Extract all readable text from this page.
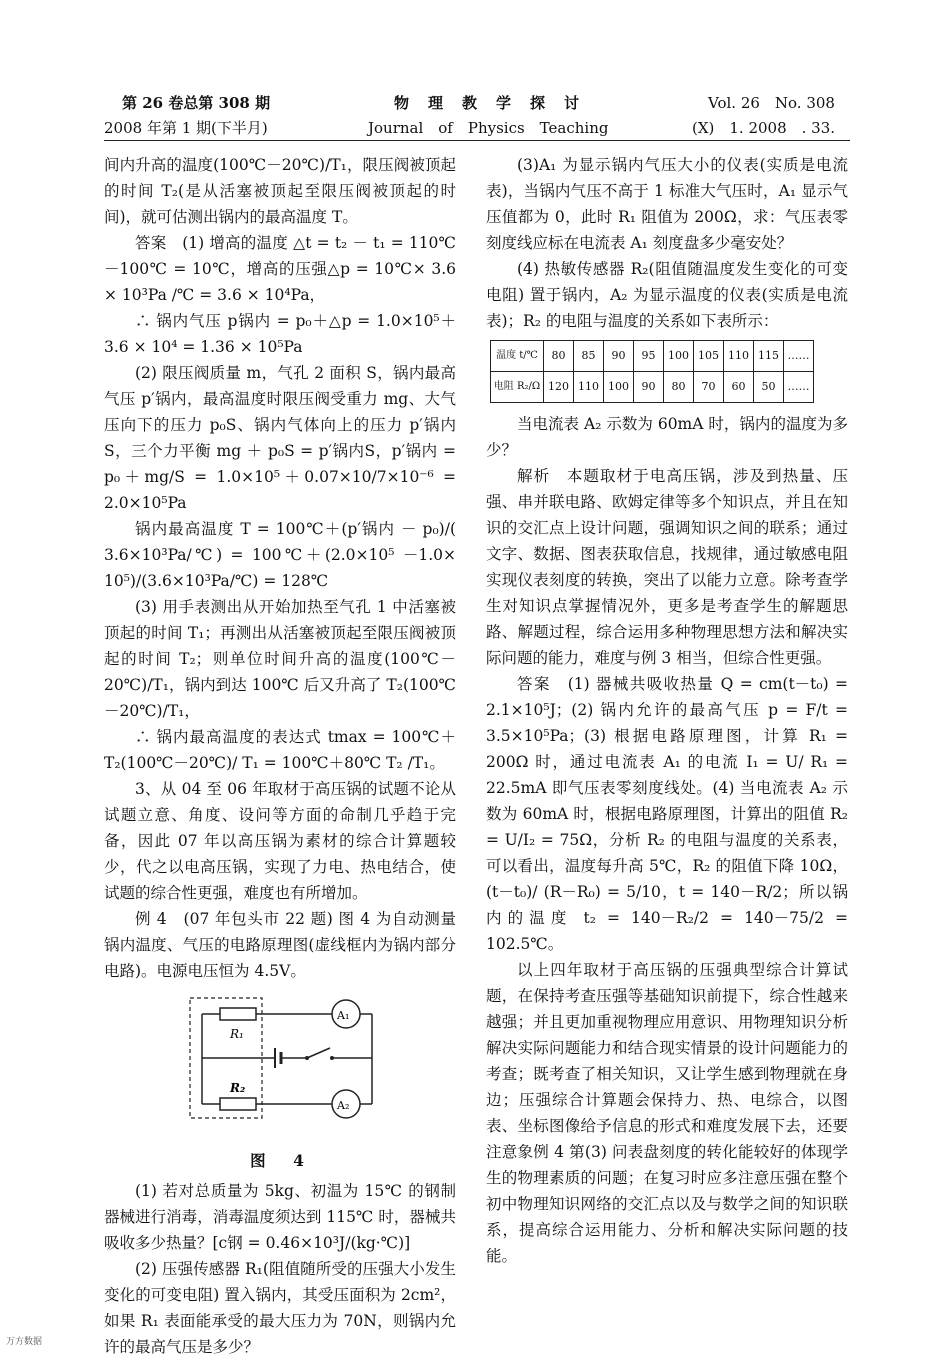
第 26 卷总第 308 期	物　理　教　学　探　讨	Vol. 26　No. 308
2008 年第 1 期(下半月)	Journal　of　Physics　Teaching	(X)　1. 2008　. 33.

间内升高的温度(100℃－20℃)/T₁，限压阀被顶起的时间 T₂(是从活塞被顶起至限压阀被顶起的时间)，就可估测出锅内的最高温度 T。

答案　(1) 增高的温度 △t = t₂ － t₁ = 110℃－100℃ = 10℃，增高的压强△p = 10℃× 3.6 × 10³Pa /℃ = 3.6 × 10⁴Pa，

∴ 锅内气压 p锅内 = p₀＋△p = 1.0×10⁵＋ 3.6 × 10⁴ = 1.36 × 10⁵Pa

(2) 限压阀质量 m，气孔 2 面积 S，锅内最高气压 p′锅内，最高温度时限压阀受重力 mg、大气压向下的压力 p₀S、锅内气体向上的压力 p′锅内S，三个力平衡 mg ＋ p₀S = p′锅内S，p′锅内 = p₀＋mg/S = 1.0×10⁵＋0.07×10/7×10⁻⁶ = 2.0×10⁵Pa

锅内最高温度 T = 100℃＋(p′锅内 － p₀)/( 3.6×10³Pa/℃) = 100℃＋(2.0×10⁵ －1.0× 10⁵)/(3.6×10³Pa/℃) = 128℃

(3) 用手表测出从开始加热至气孔 1 中活塞被顶起的时间 T₁；再测出从活塞被顶起至限压阀被顶起的时间 T₂；则单位时间升高的温度(100℃－20℃)/T₁，锅内到达 100℃ 后又升高了 T₂(100℃－20℃)/T₁，

∴ 锅内最高温度的表达式 tmax = 100℃＋ T₂(100℃－20℃)/ T₁ = 100℃＋80℃ T₂ /T₁。

3、从 04 至 06 年取材于高压锅的试题不论从试题立意、角度、设问等方面的命制几乎趋于完备，因此 07 年以高压锅为素材的综合计算题较少，代之以电高压锅，实现了力电、热电结合，使试题的综合性更强，难度也有所增加。

例 4　(07 年包头市 22 题) 图 4 为自动测量锅内温度、气压的电路原理图(虚线框内为锅内部分电路)。电源电压恒为 4.5V。

R₁
R₂
A₁
A₂
图　4

(1) 若对总质量为 5kg、初温为 15℃ 的钢制器械进行消毒，消毒温度须达到 115℃ 时，器械共吸收多少热量？[c钢 = 0.46×10³J/(kg·℃)]

(2) 压强传感器 R₁(阻值随所受的压强大小发生变化的可变电阻) 置入锅内，其受压面积为 2cm²，如果 R₁ 表面能承受的最大压力为 70N，则锅内允许的最高气压是多少？

(3)A₁ 为显示锅内气压大小的仪表(实质是电流表)，当锅内气压不高于 1 标准大气压时，A₁ 显示气压值都为 0，此时 R₁ 阻值为 200Ω，求：气压表零刻度线应标在电流表 A₁ 刻度盘多少毫安处？

(4) 热敏传感器 R₂(阻值随温度发生变化的可变电阻) 置于锅内，A₂ 为显示温度的仪表(实质是电流表)；R₂ 的电阻与温度的关系如下表所示：

温度 t/℃	80	85	90	95	100	105	110	115	……
电阻 R₂/Ω	120	110	100	90	80	70	60	50	……

当电流表 A₂ 示数为 60mA 时，锅内的温度为多少？

解析　本题取材于电高压锅，涉及到热量、压强、串并联电路、欧姆定律等多个知识点，并且在知识的交汇点上设计问题，强调知识之间的联系；通过文字、数据、图表获取信息，找规律，通过敏感电阻实现仪表刻度的转换，突出了以能力立意。除考查学生对知识点掌握情况外，更多是考查学生的解题思路、解题过程，综合运用多种物理思想方法和解决实际问题的能力，难度与例 3 相当，但综合性更强。

答案　(1) 器械共吸收热量 Q = cm(t－t₀) = 2.1×10⁵J；(2) 锅内允许的最高气压 p = F/t = 3.5×10⁵Pa；(3) 根据电路原理图，计算 R₁ = 200Ω 时，通过电流表 A₁ 的电流 I₁ = U/ R₁ = 22.5mA 即气压表零刻度线处。(4) 当电流表 A₂ 示数为 60mA 时，根据电路原理图，计算出的阻值 R₂ = U/I₂ = 75Ω，分析 R₂ 的电阻与温度的关系表，可以看出，温度每升高 5℃，R₂ 的阻值下降 10Ω，(t－t₀)/ (R－R₀) = 5/10，t = 140－R/2；所以锅内的温度 t₂ = 140－R₂/2 = 140－75/2 = 102.5℃。

以上四年取材于高压锅的压强典型综合计算试题，在保持考查压强等基础知识前提下，综合性越来越强；并且更加重视物理应用意识、用物理知识分析解决实际问题能力和结合现实情景的设计问题能力的考查；既考查了相关知识，又让学生感到物理就在身边；压强综合计算题会保持力、热、电综合，以图表、坐标图像给予信息的形式和难度发展下去，还要注意象例 4 第(3) 问表盘刻度的转化能较好的体现学生的物理素质的问题；在复习时应多注意压强在整个初中物理知识网络的交汇点以及与数学之间的知识联系，提高综合运用能力、分析和解决实际问题的技能。

万方数据
